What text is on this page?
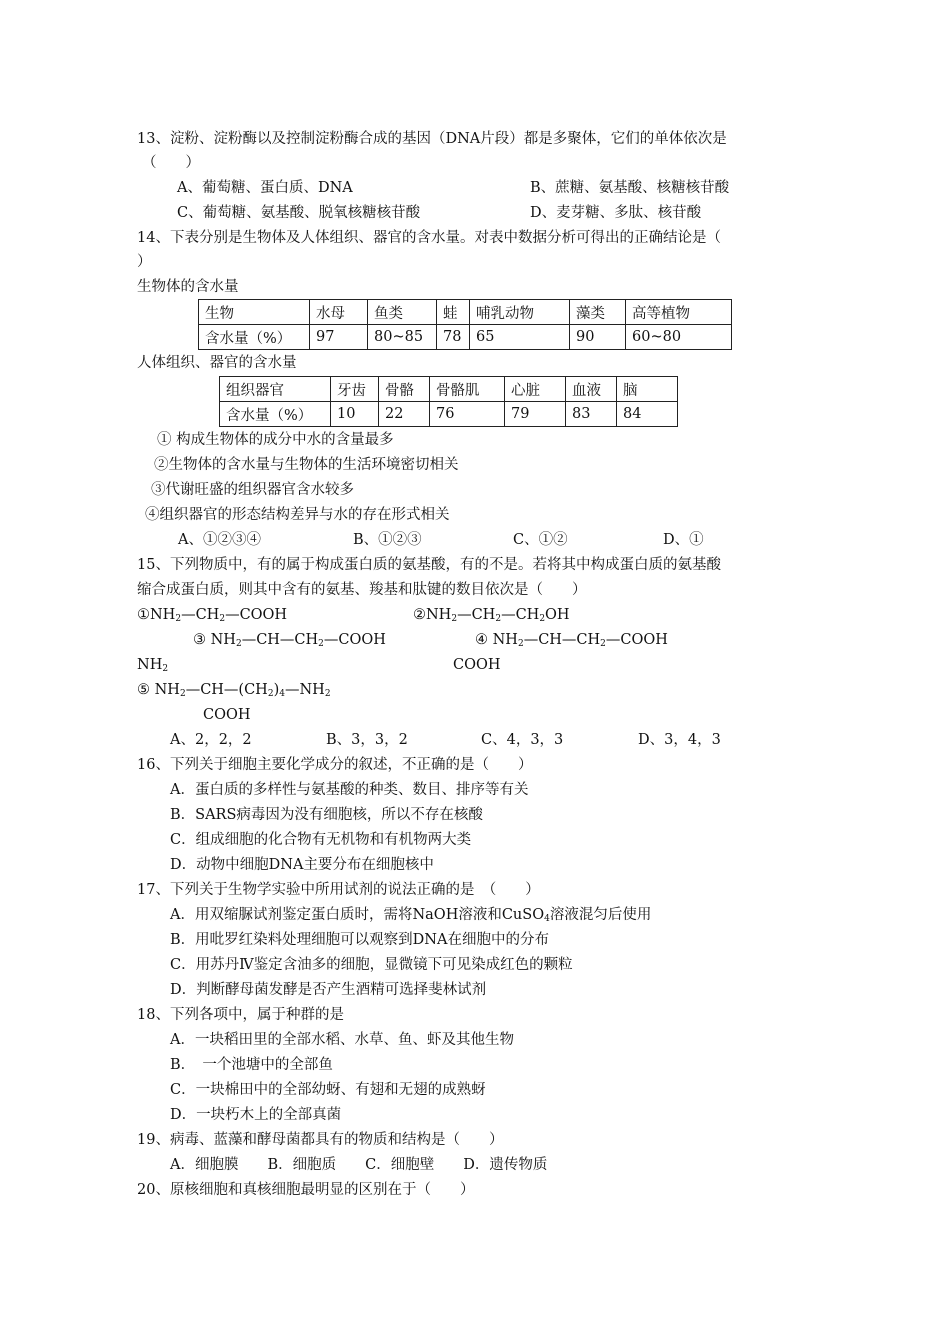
13、淀粉、淀粉酶以及控制淀粉酶合成的基因（DNA片段）都是多聚体，它们的单体依次是
（　　）
A、葡萄糖、蛋白质、DNA	B、蔗糖、氨基酸、核糖核苷酸
C、葡萄糖、氨基酸、脱氧核糖核苷酸	D、麦芽糖、多肽、核苷酸
14、下表分别是生物体及人体组织、器官的含水量。对表中数据分析可得出的正确结论是（
）
生物体的含水量
生物	水母	鱼类	蛙	哺乳动物	藻类	高等植物
含水量（%）	97	80~85	78	65	90	60~80
人体组织、器官的含水量
组织器官	牙齿	骨骼	骨骼肌	心脏	血液	脑
含水量（%）	10	22	76	79	83	84
① 构成生物体的成分中水的含量最多
②生物体的含水量与生物体的生活环境密切相关
③代谢旺盛的组织器官含水较多
④组织器官的形态结构差异与水的存在形式相关
A、①②③④	B、①②③	C、①②	D、①
15、下列物质中，有的属于构成蛋白质的氨基酸，有的不是。若将其中构成蛋白质的氨基酸
缩合成蛋白质，则其中含有的氨基、羧基和肽键的数目依次是（　　）
$①NH_2—CH_2—COOH$	$②NH_2—CH_2—CH_2OH$
③ $NH_2—CH—CH_2—COOH$	④ $NH_2—CH—CH_2—COOH$
$NH_2$	COOH
⑤ $NH_2—CH—(CH_2)_4—NH_2$
COOH
A、2，2，2	B、3，3，2	C、4，3，3	D、3，4，3
16、下列关于细胞主要化学成分的叙述，不正确的是（　　）
A．蛋白质的多样性与氨基酸的种类、数目、排序等有关
B．SARS病毒因为没有细胞核，所以不存在核酸
C．组成细胞的化合物有无机物和有机物两大类
D．动物中细胞DNA主要分布在细胞核中
17、下列关于生物学实验中所用试剂的说法正确的是　（　　）
A．用双缩脲试剂鉴定蛋白质时，需将NaOH溶液和CuSO$_4$溶液混匀后使用
B．用吡罗红染料处理细胞可以观察到DNA在细胞中的分布
C．用苏丹Ⅳ鉴定含油多的细胞，显微镜下可见染成红色的颗粒
D．判断酵母菌发酵是否产生酒精可选择斐林试剂
18、下列各项中，属于种群的是
A．一块稻田里的全部水稻、水草、鱼、虾及其他生物
B．　一个池塘中的全部鱼
C．一块棉田中的全部幼蚜、有翅和无翅的成熟蚜
D．一块朽木上的全部真菌
19、病毒、蓝藻和酵母菌都具有的物质和结构是（　　）
A．细胞膜　　B．细胞质　　C．细胞壁　　D．遗传物质
20、原核细胞和真核细胞最明显的区别在于（　　）
